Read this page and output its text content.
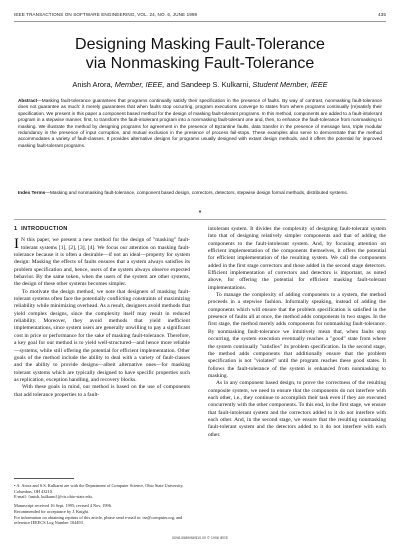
IEEE TRANSACTIONS ON SOFTWARE ENGINEERING, VOL. 24, NO. 6, JUNE 1998	435
Designing Masking Fault-Tolerance
via Nonmasking Fault-Tolerance
Anish Arora, Member, IEEE, and Sandeep S. Kulkarni, Student Member, IEEE
Abstract—Masking fault-tolerance guarantees that programs continually satisfy their specification in the presence of faults. By way of contrast, nonmasking fault-tolerance does not guarantee as much: it merely guarantees that when faults stop occurring, program executions converge to states from where programs continually (re)satisfy their specification. We present in this paper a component based method for the design of masking fault-tolerant programs. In this method, components are added to a fault-intolerant program in a stepwise manner, first, to transform the fault-intolerant program into a nonmasking fault-tolerant one and, then, to enhance the fault-tolerance from nonmasking to masking. We illustrate the method by designing programs for agreement in the presence of Byzantine faults, data transfer in the presence of message loss, triple modular redundancy in the presence of input corruption, and mutual exclusion in the presence of process fail-stops. These examples also serve to demonstrate that the method accommodates a variety of fault-classes. It provides alternative designs for programs usually designed with extant design methods, and it offers the potential for improved masking fault-tolerant programs.
Index Terms—Masking and nonmasking fault-tolerance, component based design, correctors, detectors, stepwise design formal methods, distributed systems.
♦
1 INTRODUCTION

I N this paper, we present a new method for the design of "masking" fault-tolerant systems [1], [2], [3], [4]. We focus our attention on masking fault-tolerance because it is often a desirable—if not an ideal—property for system design: Masking the effects of faults ensures that a system always satisfies its problem specification and, hence, users of the system always observe expected behavior. By the same token, when the users of the system are other systems, the design of these other systems becomes simpler.

To motivate the design method, we note that designers of masking fault-tolerant systems often face the potentially conflicting constraints of maximizing reliability while minimizing overhead. As a result, designers avoid methods that yield complex designs, since the complexity itself may result in reduced reliability. Moreover, they avoid methods that yield inefficient implementations, since system users are generally unwilling to pay a significant cost in price or performance for the sake of masking fault-tolerance. Therefore, a key goal for our method is to yield well-structured—and hence more reliable—systems, while still offering the potential for efficient implementation. Other goals of the method include the ability to deal with a variety of fault-classes and the ability to provide designs—albeit alternative ones—for masking tolerant systems which are typically designed to have specific properties such as replication, exception handling, and recovery blocks.

With these goals in mind, our method is based on the use of components that add tolerance properties to a fault-

• A. Arora and S.S. Kulkarni are with the Department of Computer Science, Ohio State University, Columbus, OH 43210.
E-mail: {anish, kulkarni}@cis.ohio-state.edu.
Manuscript received 16 Sept. 1995; revised 4 Nov. 1996.
Recommended for acceptance by J. Knight.
For information on obtaining reprints of this article, please send e-mail to: tse@computer.org, and reference IEEECS Log Number 104493.

intolerant system. It divides the complexity of designing fault-tolerant system into that of designing relatively simpler components and that of adding the components to the fault-intolerant system. And, by focusing attention on efficient implementation of the components themselves, it offers the potential for efficient implementation of the resulting system. We call the components added in the first stage correctors and those added in the second stage detectors. Efficient implementation of correctors and detectors is important, as noted above, for offering the potential for efficient masking fault-tolerant implementations.

To manage the complexity of adding components to a system, the method proceeds in a stepwise fashion. Informally speaking, instead of adding the components which will ensure that the problem specification is satisfied in the presence of faults all at once, the method adds components in two stages. In the first stage, the method merely adds components for nonmasking fault-tolerance. By nonmasking fault-tolerance we intuitively mean that, when faults stop occurring, the system execution eventually reaches a "good" state from where the system continually "satisfies" its problem specification. In the second stage, the method adds components that additionally ensure that the problem specification is not "violated" until the program reaches these good states. It follows the fault-tolerance of the system is enhanced from nonmasking to masking.

As in any component based design, to prove the correctness of the resulting composite system, we need to ensure that the components do not interfere with each other, i.e., they continue to accomplish their task even if they are executed concurrently with the other components. To this end, in the first stage, we ensure that fault-intolerant system and the correctors added to it do not interfere with each other. And, in the second stage, we ensure that the resulting nonmasking fault-tolerant system and the detectors added to it do not interfere with each other.

0098-5589/98/$10.00 © 1998 IEEE
